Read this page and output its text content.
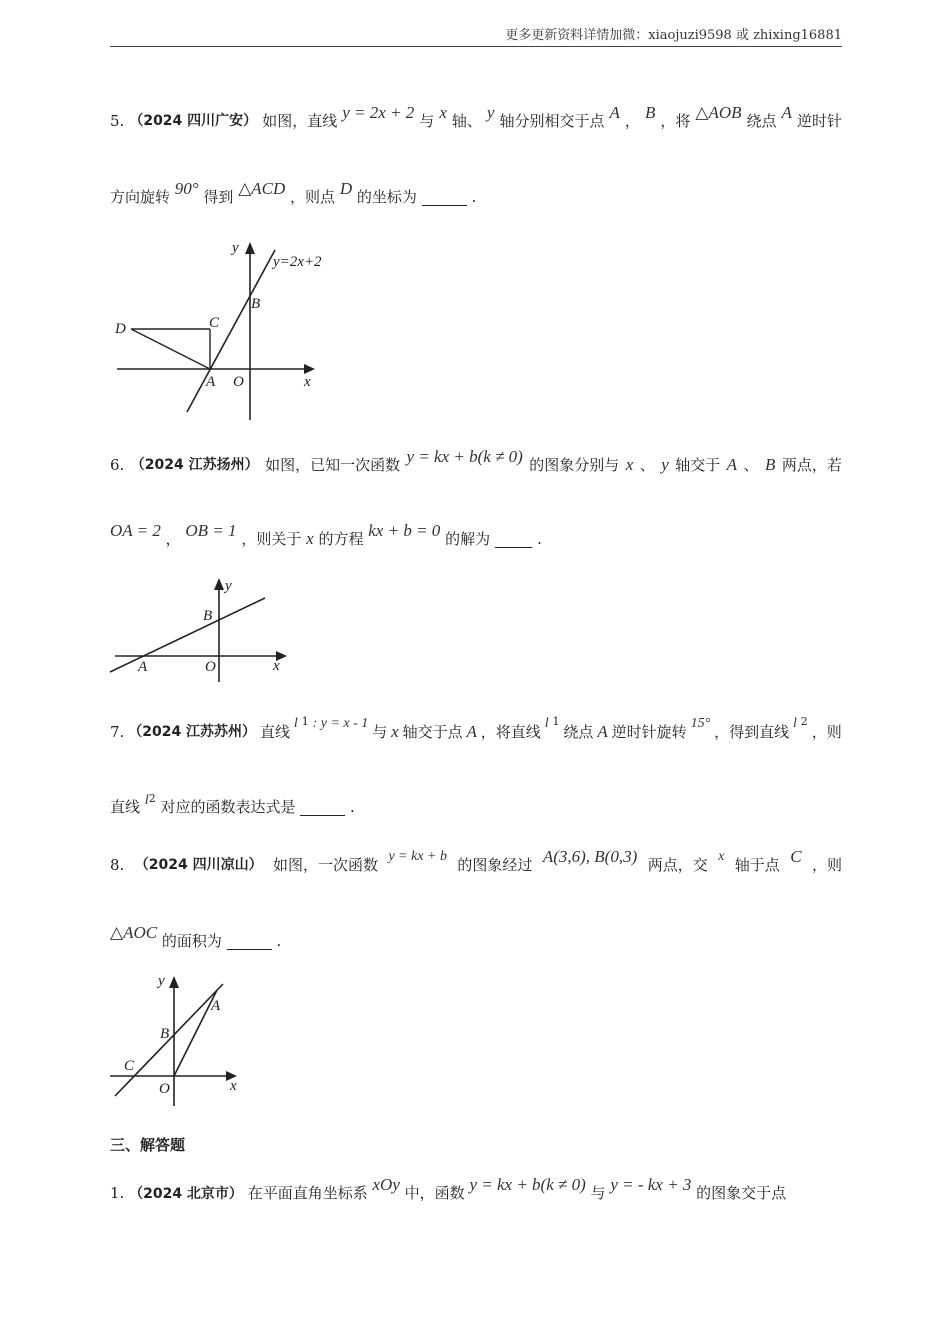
更多更新资料详情加微：xiaojuzi9598 或 zhixing16881
5. （2024 四川广安） 如图，直线 y = 2x + 2 与 x 轴、 y 轴分别相交于点 A ， B ，将 △AOB 绕点 A 逆时针
方向旋转 90° 得到 △ACD ，则点 D 的坐标为 ______ .
y=2x+2
y
x
B
C
D
A O
6. （2024 江苏扬州） 如图，已知一次函数 y = kx + b(k ≠ 0) 的图象分别与 x 、 y 轴交于 A 、 B 两点，若
OA = 2 ， OB = 1 ，则关于 x 的方程 kx + b = 0 的解为 _____ .
y
x
B
A	O
7. （2024 江苏苏州） 直线 l 1 : y = x - 1 与 x 轴交于点 A ，将直线 l 1
绕点 A 逆时针旋转 15° ，得到直线 l 2
，则
直线 $l^2$ 对应的函数表达式是 ______ .
8. （2024 四川凉山） 如图，一次函数 y = kx + b 的图象经过 A(3,6), B(0,3) 两点，交 x 轴于点 C ，则
△AOC 的面积为 ______ .
y
x
A
B
C
O
三、解答题
1. （2024 北京市） 在平面直角坐标系 xOy 中，函数 y = kx + b(k ≠ 0) 与 y = - kx + 3 的图象交于点
